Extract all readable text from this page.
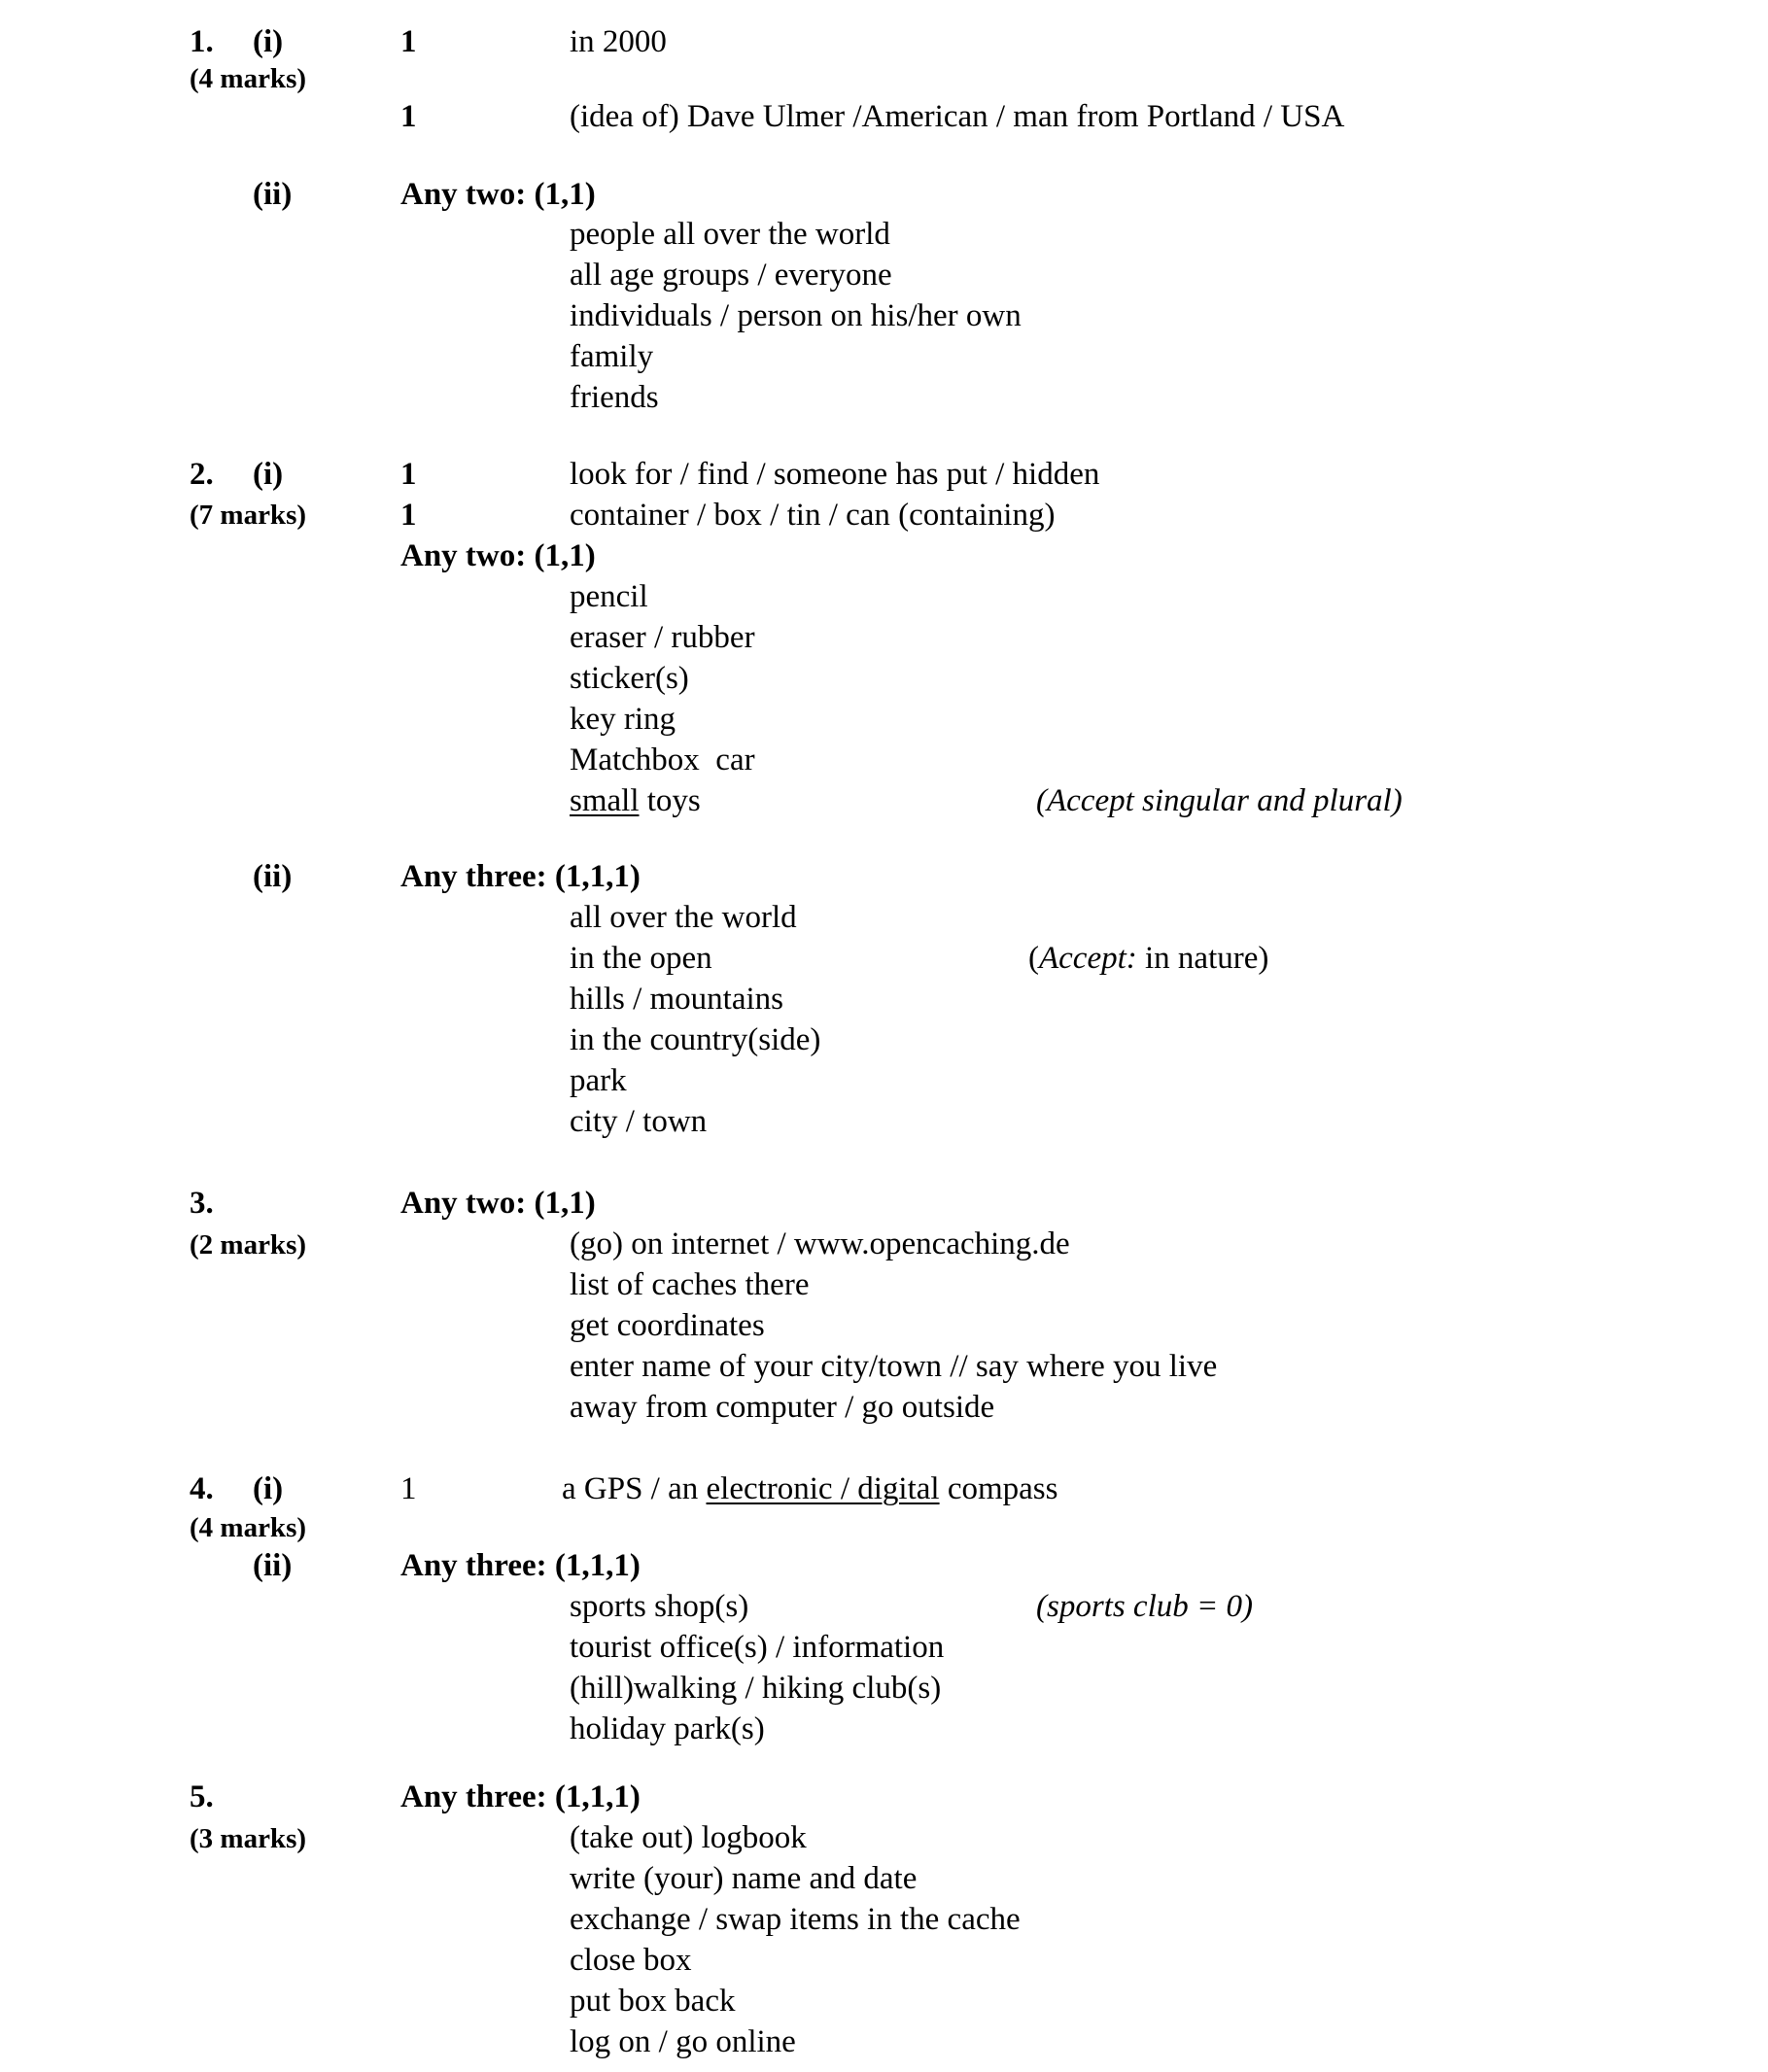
1. (i)	1	in 2000
(4 marks)
1	(idea of) Dave Ulmer /American / man from Portland / USA
(ii)	Any two: (1,1)
people all over the world
all age groups / everyone
individuals / person on his/her own
family
friends
2. (i)	1	look for / find / someone has put / hidden
(7 marks)	1	container / box / tin / can (containing)
Any two: (1,1)
pencil
eraser / rubber
sticker(s)
key ring
Matchbox  car
small toys	(Accept singular and plural)
(ii)	Any three: (1,1,1)
all over the world
in the open	(Accept: in nature)
hills / mountains
in the country(side)
park
city / town
3.	Any two: (1,1)
(2 marks)	(go) on internet / www.opencaching.de
list of caches there
get coordinates
enter name of your city/town // say where you live
away from computer / go outside
4. (i)	1	a GPS / an electronic / digital compass
(4 marks)
(ii)	Any three: (1,1,1)
sports shop(s)	(sports club = 0)
tourist office(s) / information
(hill)walking / hiking club(s)
holiday park(s)
5.	Any three: (1,1,1)
(3 marks)	(take out) logbook
write (your) name and date
exchange / swap items in the cache
close box
put box back
log on / go online
